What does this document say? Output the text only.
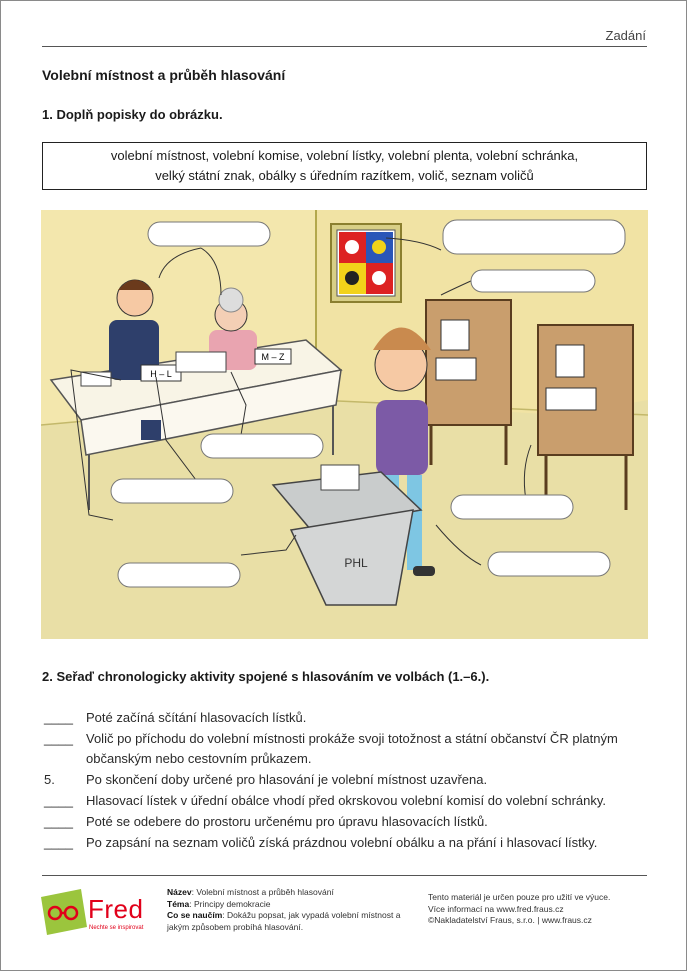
Zadání
Volební místnost a průběh hlasování
1. Doplň popisky do obrázku.
volební místnost, volební komise, volební lístky, volební plenta, volební schránka,
velký státní znak, obálky s úředním razítkem, volič, seznam voličů
H – L
M – Z
PHL
2. Seřaď chronologicky aktivity spojené s hlasováním ve volbách (1.–6.).
____ Poté začíná sčítání hlasovacích lístků.
____ Volič po příchodu do volební místnosti prokáže svoji totožnost a státní občanství ČR platným občanským nebo cestovním průkazem.
5.	Po skončení doby určené pro hlasování je volební místnost uzavřena.
____ Hlasovací lístek v úřední obálce vhodí před okrskovou volební komisí do volební schránky.
____ Poté se odebere do prostoru určenému pro úpravu hlasovacích lístků.
____ Po zapsání na seznam voličů získá prázdnou volební obálku a na přání i hlasovací lístky.
Fred
Nechte se inspirovat
Název: Volební místnost a průběh hlasování
Téma: Principy demokracie
Co se naučím: Dokážu popsat, jak vypadá volební místnost a jakým způsobem probíhá hlasování.
Tento materiál je určen pouze pro užití ve výuce.
Více informací na www.fred.fraus.cz
©Nakladatelství Fraus, s.r.o. | www.fraus.cz
